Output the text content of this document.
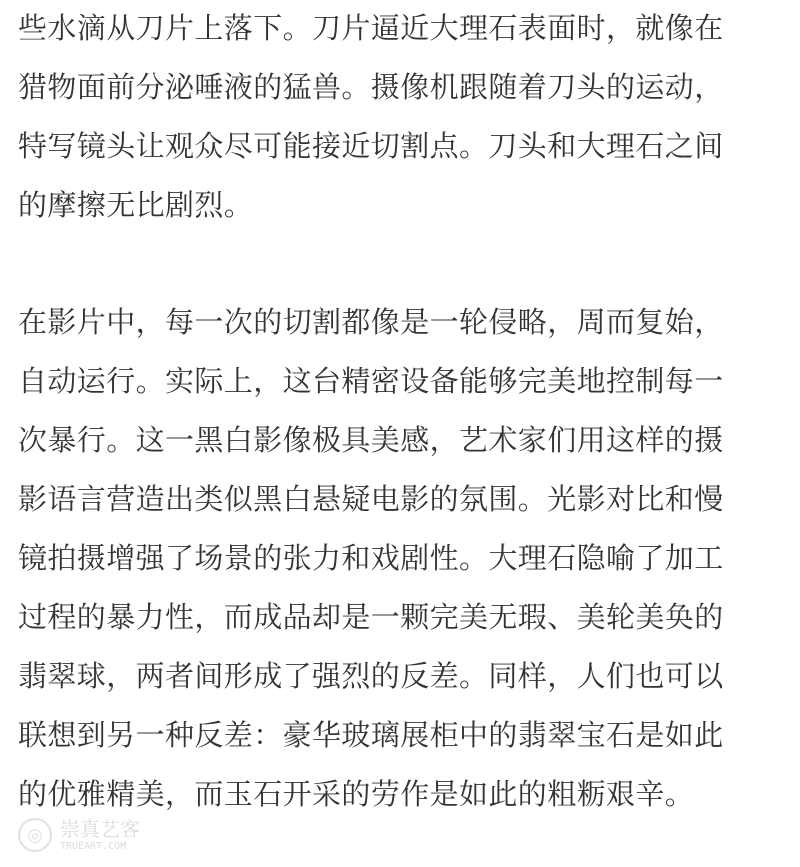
些水滴从刀片上落下。刀片逼近大理石表面时，就像在
猎物面前分泌唾液的猛兽。摄像机跟随着刀头的运动，
特写镜头让观众尽可能接近切割点。刀头和大理石之间
的摩擦无比剧烈。
在影片中，每一次的切割都像是一轮侵略，周而复始，
自动运行。实际上，这台精密设备能够完美地控制每一
次暴行。这一黑白影像极具美感，艺术家们用这样的摄
影语言营造出类似黑白悬疑电影的氛围。光影对比和慢
镜拍摄增强了场景的张力和戏剧性。大理石隐喻了加工
过程的暴力性，而成品却是一颗完美无瑕、美轮美奂的
翡翠球，两者间形成了强烈的反差。同样，人们也可以
联想到另一种反差：豪华玻璃展柜中的翡翠宝石是如此
的优雅精美，而玉石开采的劳作是如此的粗粝艰辛。
◎ 崇真艺客
TRUEART.COM
